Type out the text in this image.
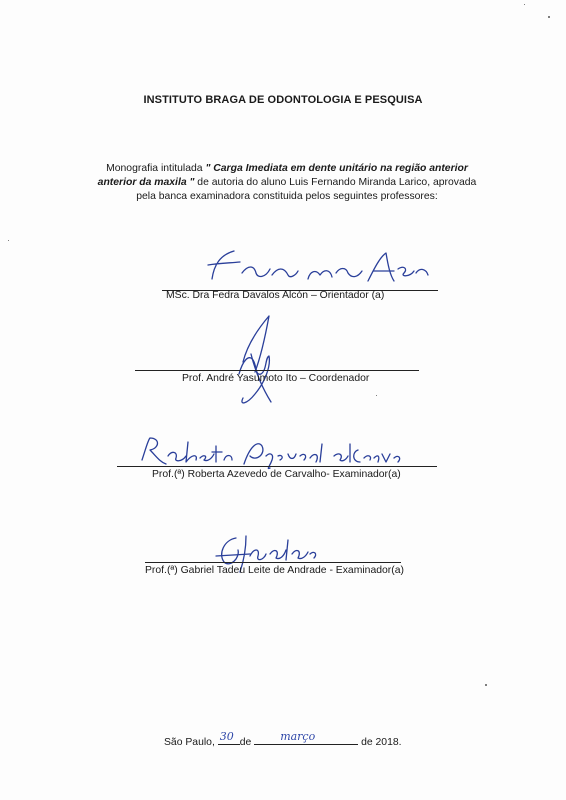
INSTITUTO BRAGA DE ODONTOLOGIA E PESQUISA
Monografia intitulada " Carga Imediata em dente unitário na região anterior
anterior da maxila " de autoria do aluno Luis Fernando Miranda Larico, aprovada
pela banca examinadora constituida pelos seguintes professores:
MSc. Dra Fedra Davalos Alcón – Orientador (a)
Prof. André Yasumoto Ito – Coordenador
Prof.(ª) Roberta Azevedo de Carvalho- Examinador(a)
Prof.(ª) Gabriel Tadeu Leite de Andrade - Examinador(a)
São Paulo, 30 de	março	de 2018.
